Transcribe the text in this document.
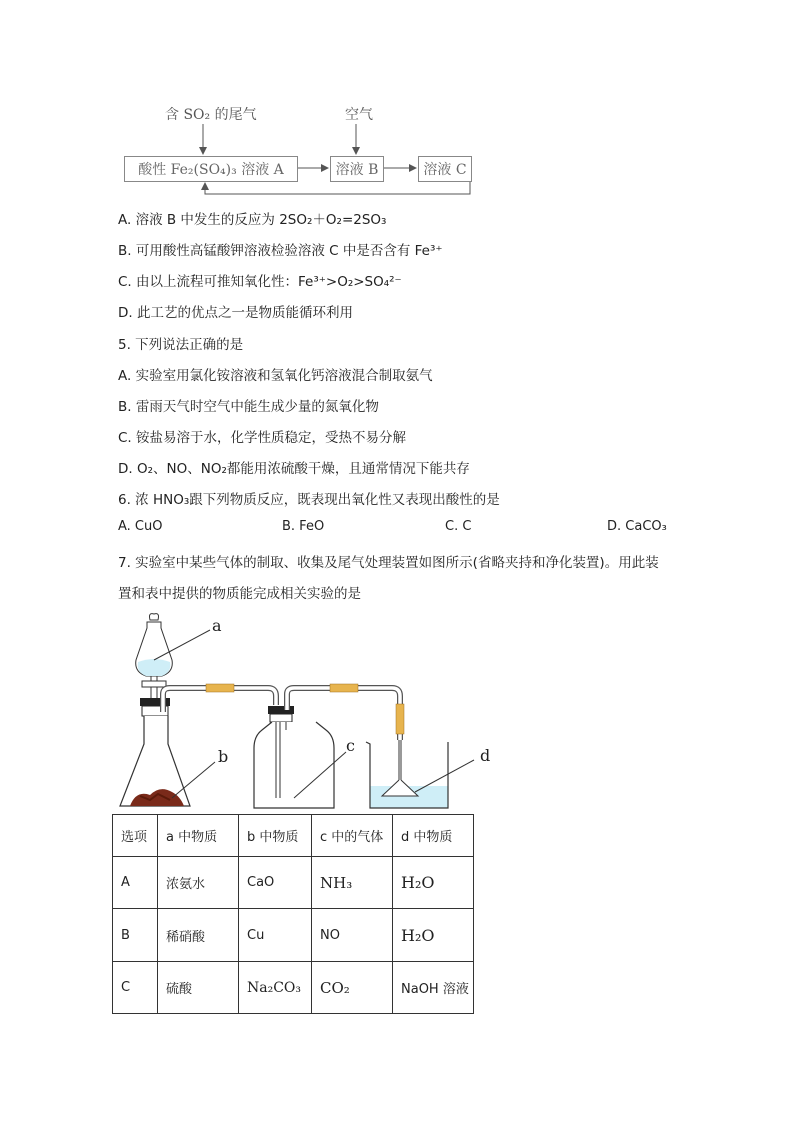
含 SO₂ 的尾气	空气
酸性 Fe₂(SO₄)₃ 溶液 A	溶液 B	溶液 C
A. 溶液 B 中发生的反应为 2SO₂＋O₂=2SO₃
B. 可用酸性高锰酸钾溶液检验溶液 C 中是否含有 Fe³⁺
C. 由以上流程可推知氧化性：Fe³⁺>O₂>SO₄²⁻
D. 此工艺的优点之一是物质能循环利用
5. 下列说法正确的是
A. 实验室用氯化铵溶液和氢氧化钙溶液混合制取氨气
B. 雷雨天气时空气中能生成少量的氮氧化物
C. 铵盐易溶于水，化学性质稳定，受热不易分解
D. O₂、NO、NO₂都能用浓硫酸干燥，且通常情况下能共存
6. 浓 HNO₃跟下列物质反应，既表现出氧化性又表现出酸性的是
A. CuO	B. FeO	C. C	D. CaCO₃
7. 实验室中某些气体的制取、收集及尾气处理装置如图所示(省略夹持和净化装置)。用此装
置和表中提供的物质能完成相关实验的是
a
b
c
d
选项	a 中物质	b 中物质	c 中的气体	d 中物质
A	浓氨水	CaO	NH₃	H₂O
B	稀硝酸	Cu	NO	H₂O
C	硫酸	Na₂CO₃	CO₂	NaOH 溶液
